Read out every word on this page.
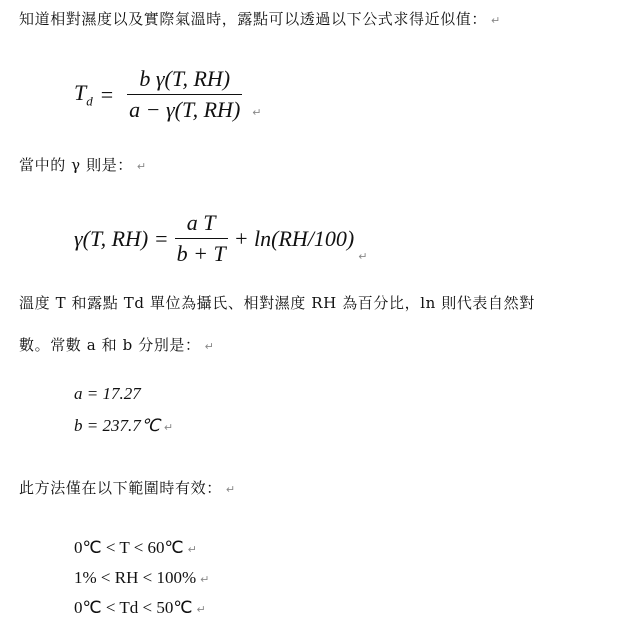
知道相對濕度以及實際氣溫時，露點可以透過以下公式求得近似值： ↵
$T_d = \frac{\text{b γ(T, RH)}}{a - \gamma(T, RH)}$ ↵
當中的 γ 則是： ↵
γ(T, $RH) = \frac{\text{a T}}{b + T} + \ln(RH/100)$
↵
溫度 T 和露點 Td 單位為攝氏、相對濕度 RH 為百分比，ln 則代表自然對
數。常數 a 和 b 分別是： ↵
a = 17.27
b = 237.7℃ ↵
此方法僅在以下範圍時有效： ↵
0℃ < T < 60℃ ↵
1% < RH < 100% ↵
0℃ < Td < 50℃ ↵
